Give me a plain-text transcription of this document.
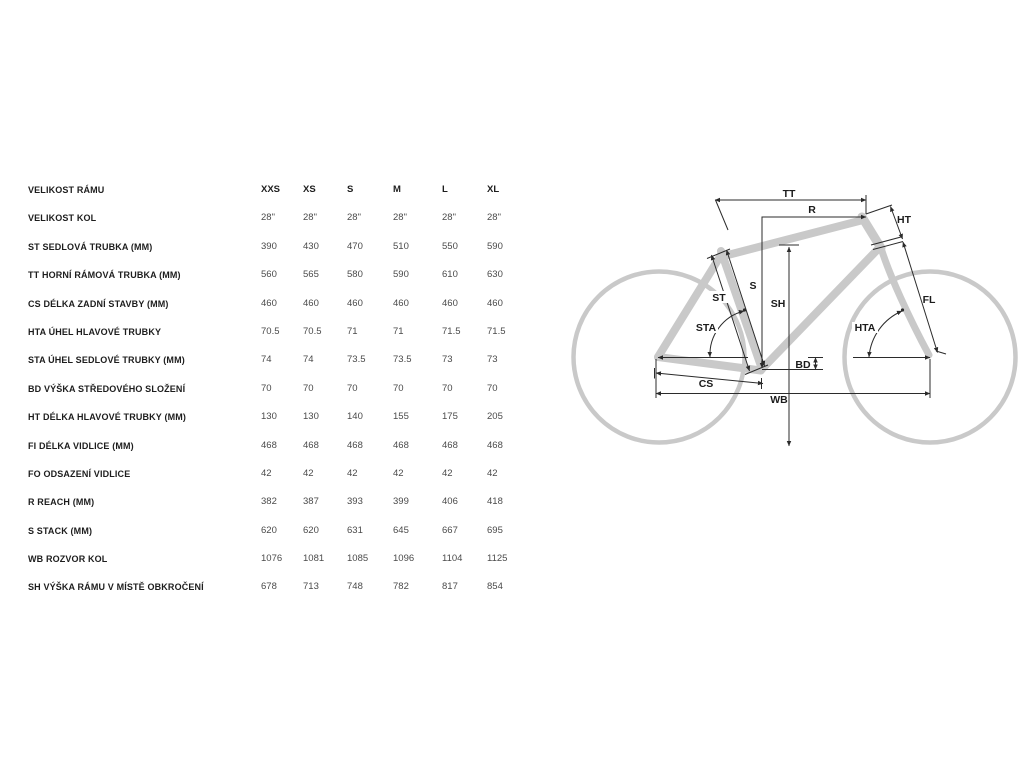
VELIKOST RÁMU	XXS	XS	S	M	L	XL
VELIKOST KOL	28"	28"	28"	28"	28"	28"
ST SEDLOVÁ TRUBKA (MM)	390	430	470	510	550	590
TT HORNÍ RÁMOVÁ TRUBKA (MM)	560	565	580	590	610	630
CS DÉLKA ZADNÍ STAVBY (MM)	460	460	460	460	460	460
HTA ÚHEL HLAVOVÉ TRUBKY	70.5	70.5	71	71	71.5	71.5
STA ÚHEL SEDLOVÉ TRUBKY (MM)	74	74	73.5	73.5	73	73
BD VÝŠKA STŘEDOVÉHO SLOŽENÍ	70	70	70	70	70	70
HT DÉLKA HLAVOVÉ TRUBKY (MM)	130	130	140	155	175	205
FI DÉLKA VIDLICE (MM)	468	468	468	468	468	468
FO ODSAZENÍ VIDLICE	42	42	42	42	42	42
R REACH (MM)	382	387	393	399	406	418
S STACK (MM)	620	620	631	645	667	695
WB ROZVOR KOL	1076	1081	1085	1096	1104	1125
SH VÝŠKA RÁMU V MÍSTĚ OBKROČENÍ	678	713	748	782	817	854
TT
R
HT
ST
S
SH	FL
STA	HTA
BD
CS
WB
